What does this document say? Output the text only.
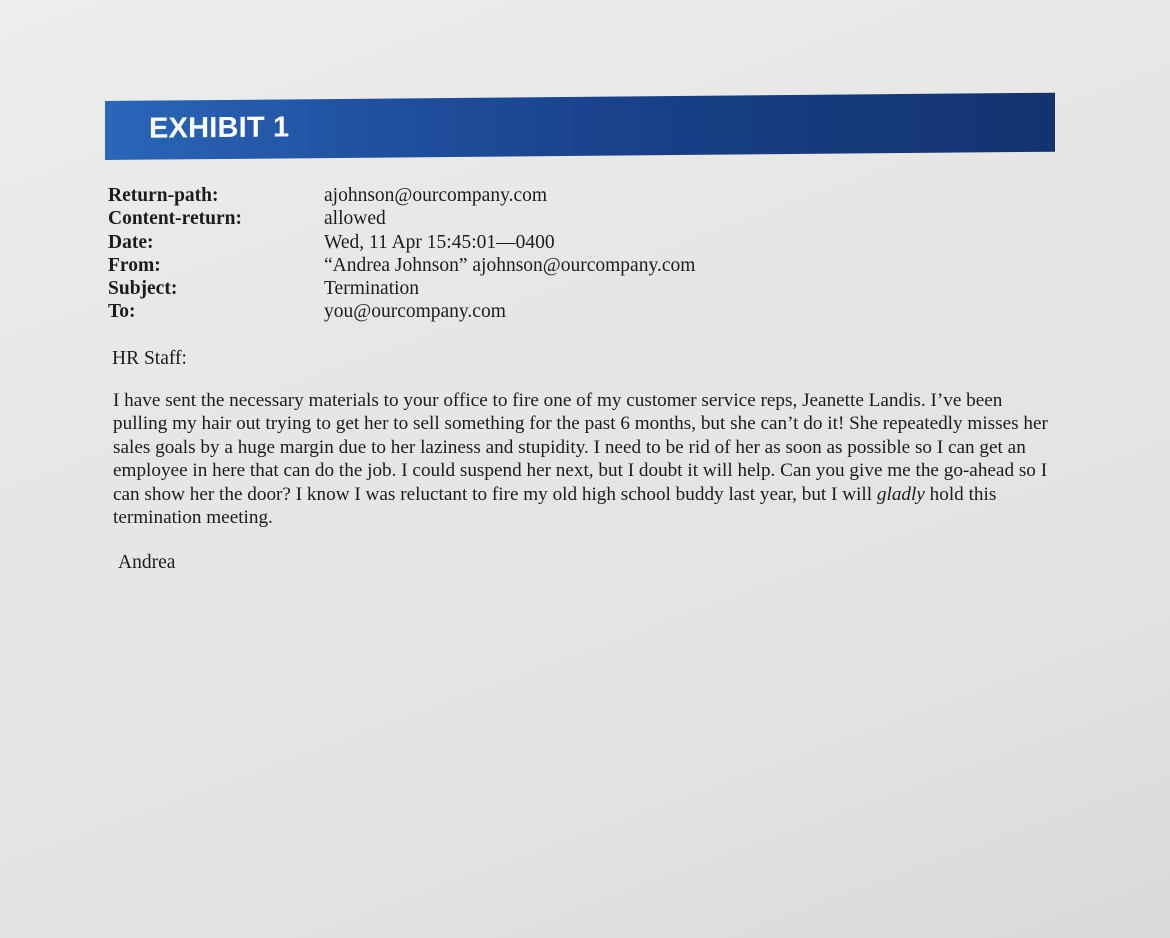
EXHIBIT 1
Return-path:	ajohnson@ourcompany.com
Content-return:	allowed
Date:	Wed, 11 Apr 15:45:01—0400
From:	“Andrea Johnson” ajohnson@ourcompany.com
Subject:	Termination
To:	you@ourcompany.com
HR Staff:

I have sent the necessary materials to your office to fire one of my customer service reps, Jeanette Landis. I’ve been pulling my hair out trying to get her to sell something for the past 6 months, but she can’t do it! She repeatedly misses her sales goals by a huge margin due to her laziness and stupidity. I need to be rid of her as soon as possible so I can get an employee in here that can do the job. I could suspend her next, but I doubt it will help. Can you give me the go-ahead so I can show her the door? I know I was reluctant to fire my old high school buddy last year, but I will gladly hold this termination meeting.

Andrea
